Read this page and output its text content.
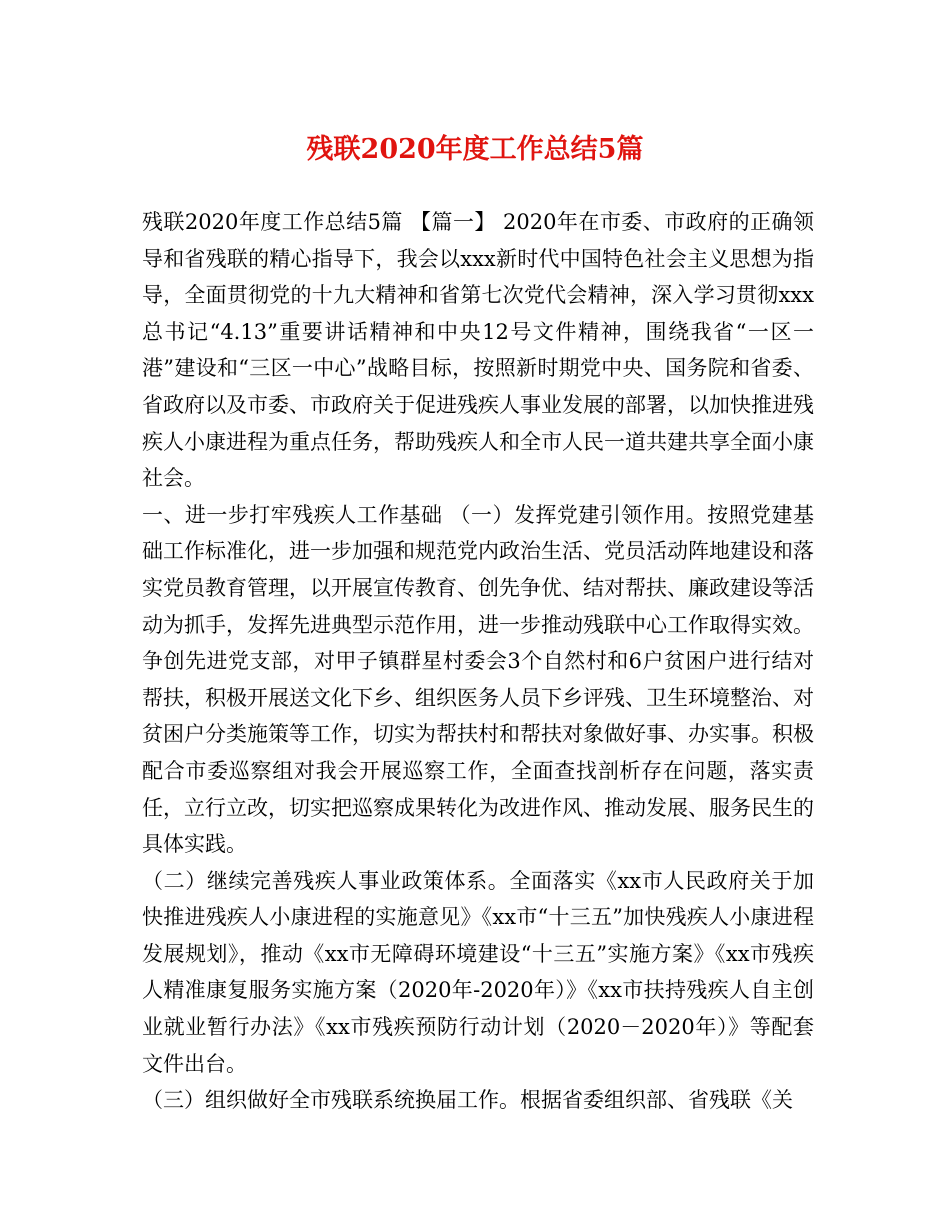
残联2020年度工作总结5篇

残联2020年度工作总结5篇 【篇一】 2020年在市委、市政府的正确领导和省残联的精心指导下，我会以xxx新时代中国特色社会主义思想为指导，全面贯彻党的十九大精神和省第七次党代会精神，深入学习贯彻xxx总书记“4.13”重要讲话精神和中央12号文件精神，围绕我省“一区一港”建设和“三区一中心”战略目标，按照新时期党中央、国务院和省委、省政府以及市委、市政府关于促进残疾人事业发展的部署，以加快推进残疾人小康进程为重点任务，帮助残疾人和全市人民一道共建共享全面小康社会。

一、进一步打牢残疾人工作基础 （一）发挥党建引领作用。按照党建基础工作标准化，进一步加强和规范党内政治生活、党员活动阵地建设和落实党员教育管理，以开展宣传教育、创先争优、结对帮扶、廉政建设等活动为抓手，发挥先进典型示范作用，进一步推动残联中心工作取得实效。争创先进党支部，对甲子镇群星村委会3个自然村和6户贫困户进行结对帮扶，积极开展送文化下乡、组织医务人员下乡评残、卫生环境整治、对贫困户分类施策等工作，切实为帮扶村和帮扶对象做好事、办实事。积极配合市委巡察组对我会开展巡察工作，全面查找剖析存在问题，落实责任，立行立改，切实把巡察成果转化为改进作风、推动发展、服务民生的具体实践。

（二）继续完善残疾人事业政策体系。全面落实《xx市人民政府关于加快推进残疾人小康进程的实施意见》《xx市“十三五”加快残疾人小康进程发展规划》，推动《xx市无障碍环境建设“十三五”实施方案》《xx市残疾人精准康复服务实施方案（2020年-2020年）》《xx市扶持残疾人自主创业就业暂行办法》《xx市残疾预防行动计划（2020－2020年）》等配套文件出台。

（三）组织做好全市残联系统换届工作。根据省委组织部、省残联《关
